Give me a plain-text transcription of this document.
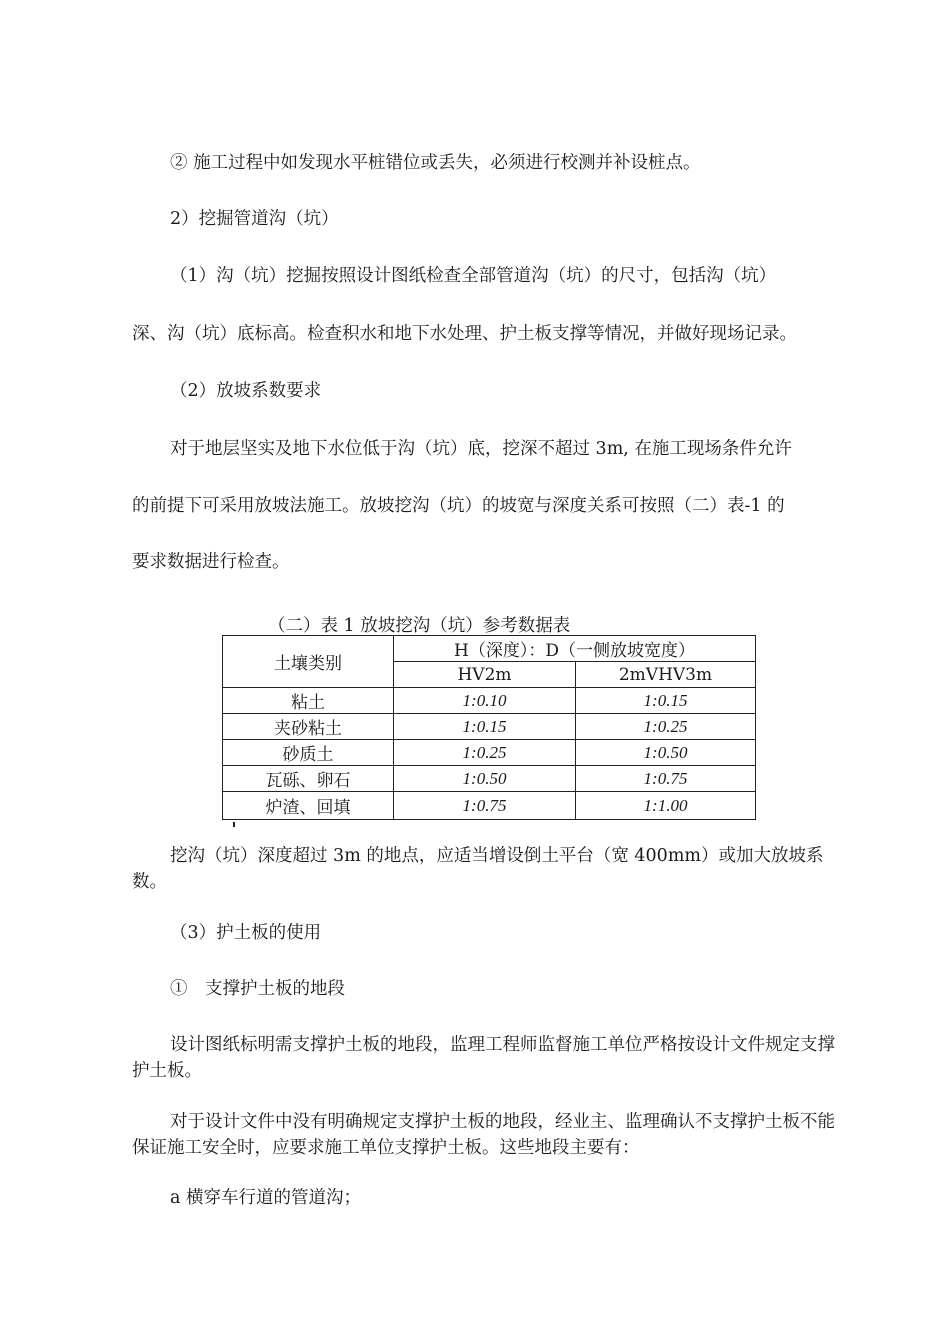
② 施工过程中如发现水平桩错位或丢失，必须进行校测并补设桩点。
2）挖掘管道沟（坑）
（1）沟（坑）挖掘按照设计图纸检查全部管道沟（坑）的尺寸，包括沟（坑）
深、沟（坑）底标高。检查积水和地下水处理、护土板支撑等情况，并做好现场记录。
（2）放坡系数要求
对于地层坚实及地下水位低于沟（坑）底，挖深不超过 3m, 在施工现场条件允许
的前提下可采用放坡法施工。放坡挖沟（坑）的坡宽与深度关系可按照（二）表-1 的
要求数据进行检查。
（二）表 1 放坡挖沟（坑）参考数据表
土壤类别	H（深度）：D（一侧放坡宽度）	
	HV2m	2mVHV3m
粘土	1:0.10	1:0.15
夹砂粘土	1:0.15	1:0.25
砂质土	1:0.25	1:0.50
瓦砾、卵石	1:0.50	1:0.75
炉渣、回填	1:0.75	1:1.00
挖沟（坑）深度超过 3m 的地点，应适当增设倒土平台（宽 400mm）或加大放坡系数。
（3）护土板的使用
①　支撑护土板的地段
设计图纸标明需支撑护土板的地段，监理工程师监督施工单位严格按设计文件规定支撑护土板。
对于设计文件中没有明确规定支撑护土板的地段，经业主、监理确认不支撑护土板不能保证施工安全时，应要求施工单位支撑护土板。这些地段主要有：
a 横穿车行道的管道沟；
